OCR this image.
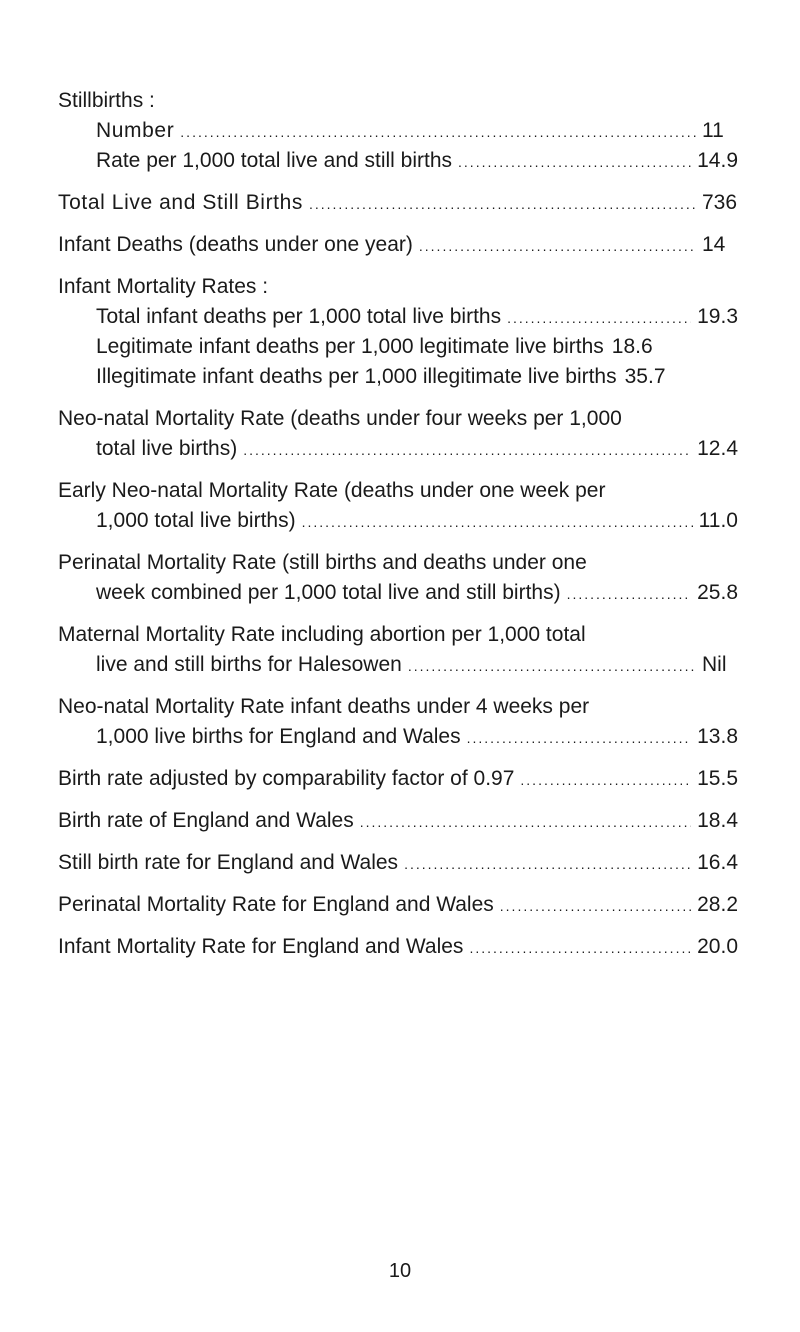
Stillbirths :
Number .....	11
Rate per 1,000 total live and still births .....	14.9
Total Live and Still Births .....	736
Infant Deaths (deaths under one year) .....	14
Infant Mortality Rates :
Total infant deaths per 1,000 total live births .....	19.3
Legitimate infant deaths per 1,000 legitimate live births 18.6
Illegitimate infant deaths per 1,000 illegitimate live births 35.7
Neo-natal Mortality Rate (deaths under four weeks per 1,000
total live births) .....	12.4
Early Neo-natal Mortality Rate (deaths under one week per
1,000 total live births) .....	11.0
Perinatal Mortality Rate (still births and deaths under one
week combined per 1,000 total live and still births) .....	25.8
Maternal Mortality Rate including abortion per 1,000 total
live and still births for Halesowen .....	Nil
Neo-natal Mortality Rate infant deaths under 4 weeks per
1,000 live births for England and Wales .....	13.8
Birth rate adjusted by comparability factor of 0.97 .....	15.5
Birth rate of England and Wales .....	18.4
Still birth rate for England and Wales .....	16.4
Perinatal Mortality Rate for England and Wales .....	28.2
Infant Mortality Rate for England and Wales .....	20.0
10
